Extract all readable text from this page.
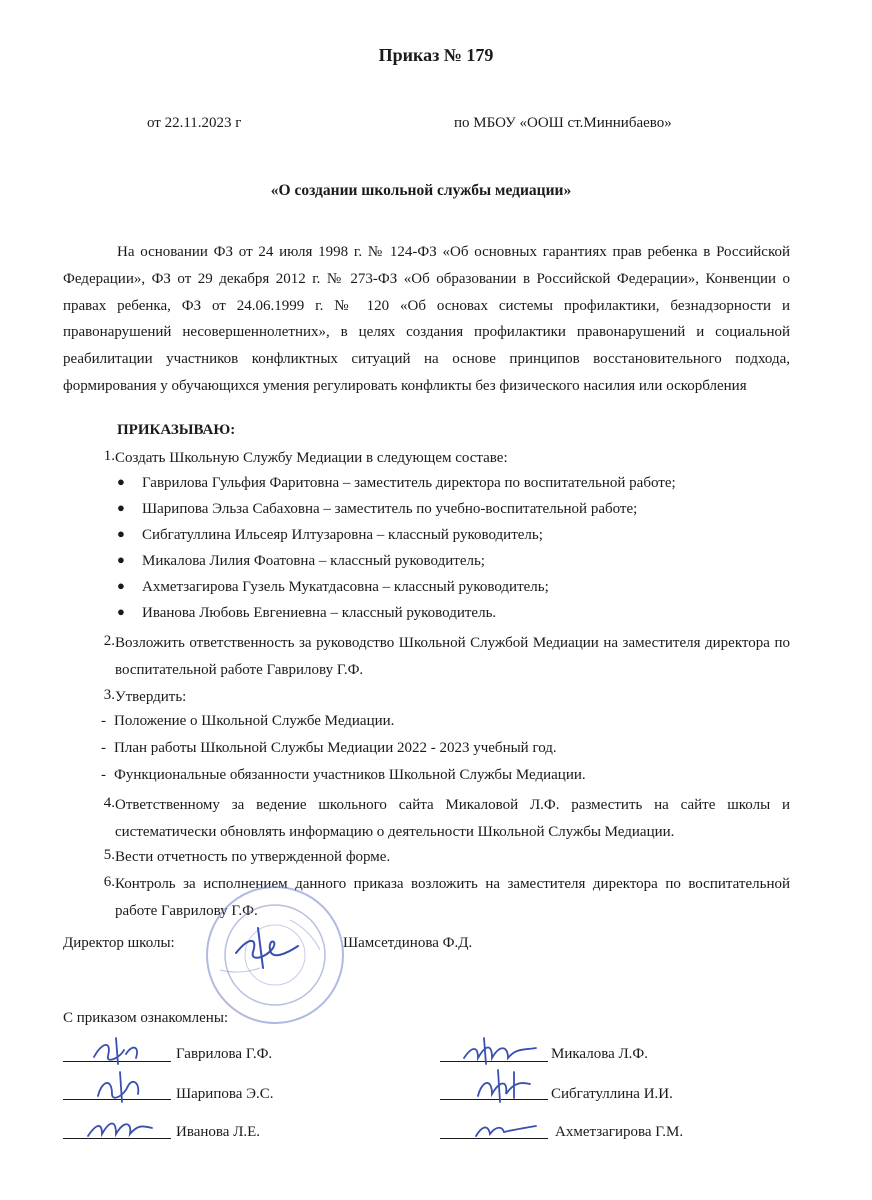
Приказ № 179
от 22.11.2023 г	по МБОУ «ООШ ст.Миннибаево»
«О создании школьной службы медиации»
На основании ФЗ от 24 июля 1998 г. № 124-ФЗ «Об основных гарантиях прав ребенка в Российской Федерации», ФЗ от 29 декабря 2012 г. № 273-ФЗ «Об образовании в Российской Федерации», Конвенции о правах ребенка, ФЗ от 24.06.1999 г. № 120 «Об основах системы профилактики, безнадзорности и правонарушений несовершеннолетних», в целях создания профилактики правонарушений и социальной реабилитации участников конфликтных ситуаций на основе принципов восстановительного подхода, формирования у обучающихся умения регулировать конфликты без физического насилия или оскорбления
ПРИКАЗЫВАЮ:
1. Создать Школьную Службу Медиации в следующем составе:
● Гаврилова Гульфия Фаритовна – заместитель директора по воспитательной работе;
● Шарипова Эльза Сабаховна – заместитель по учебно-воспитательной работе;
● Сибгатуллина Ильсеяр Илтузаровна – классный руководитель;
● Микалова Лилия Фоатовна – классный руководитель;
● Ахметзагирова Гузель Мукатдасовна – классный руководитель;
● Иванова Любовь Евгениевна – классный руководитель.
2. Возложить ответственность за руководство Школьной Службой Медиации на заместителя директора по воспитательной работе Гаврилову Г.Ф.
3. Утвердить:
- Положение о Школьной Службе Медиации.
- План работы Школьной Службы Медиации 2022 - 2023 учебный год.
- Функциональные обязанности участников Школьной Службы Медиации.
4. Ответственному за ведение школьного сайта Микаловой Л.Ф. разместить на сайте школы и систематически обновлять информацию о деятельности Школьной Службы Медиации.
5. Вести отчетность по утвержденной форме.
6. Контроль за исполнением данного приказа возложить на заместителя директора по воспитательной работе Гаврилову Г.Ф.
Директор школы:	Шамсетдинова Ф.Д.
С приказом ознакомлены:
Гаврилова Г.Ф.
Шарипова Э.С.
Иванова Л.Е.
Микалова Л.Ф.
Сибгатуллина И.И.
Ахметзагирова Г.М.
